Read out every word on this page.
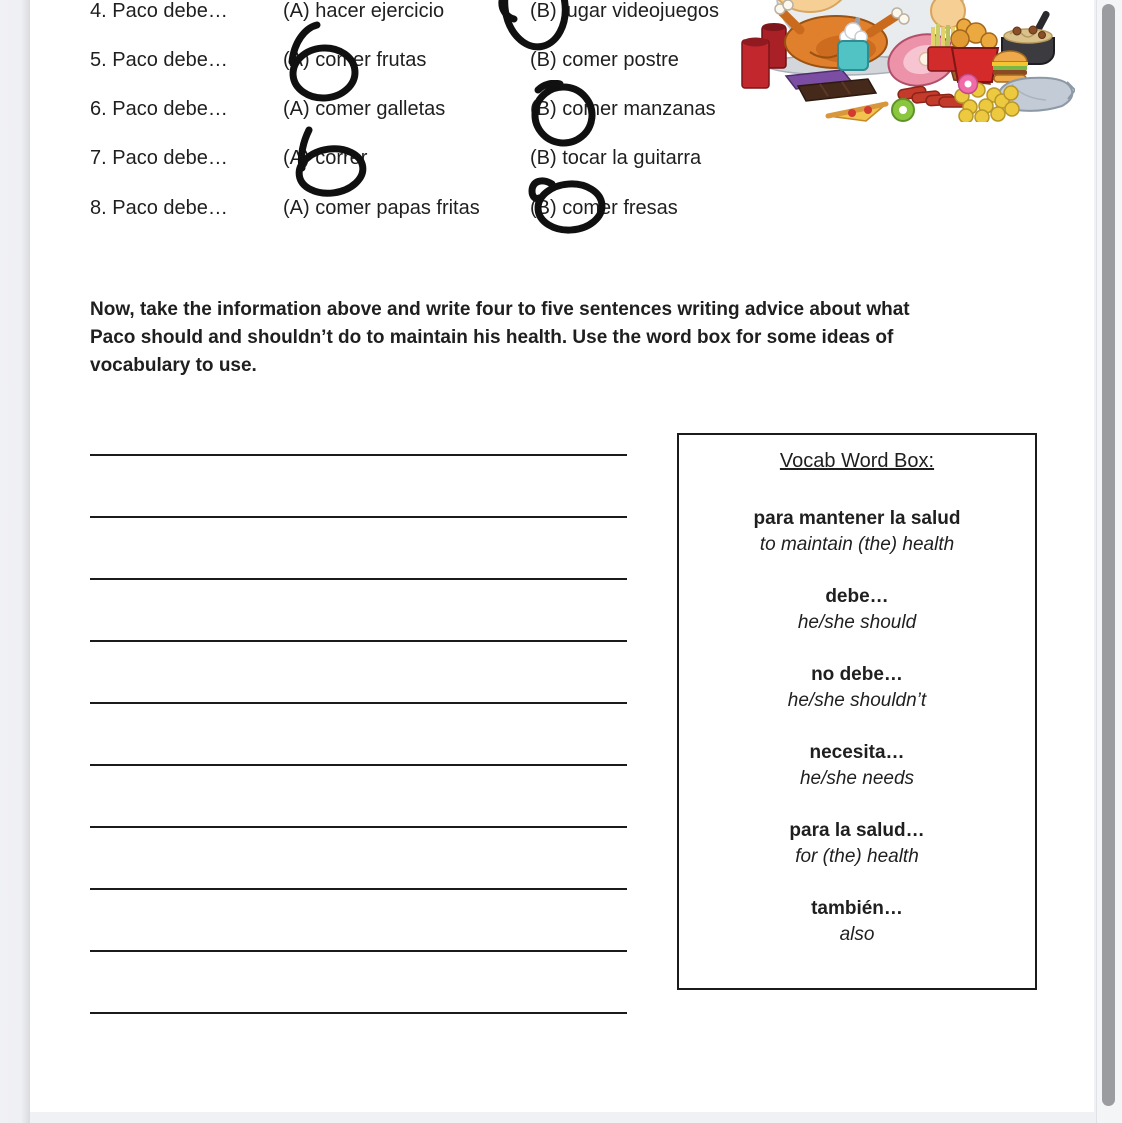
4. Paco debe…	(A) hacer ejercicio	(B) jugar videojuegos
5. Paco debe…	(A) comer frutas	(B) comer postre
6. Paco debe…	(A) comer galletas	(B) comer manzanas
7. Paco debe…	(A) correr	(B) tocar la guitarra
8. Paco debe…	(A) comer papas fritas	(B) comer fresas
Now, take the information above and write four to five sentences writing advice about what
Paco should and shouldn’t do to maintain his health. Use the word box for some ideas of
vocabulary to use.
Vocab Word Box:
para mantener la salud
to maintain (the) health
debe…
he/she should
no debe…
he/she shouldn’t
necesita…
he/she needs
para la salud…
for (the) health
también…
also
